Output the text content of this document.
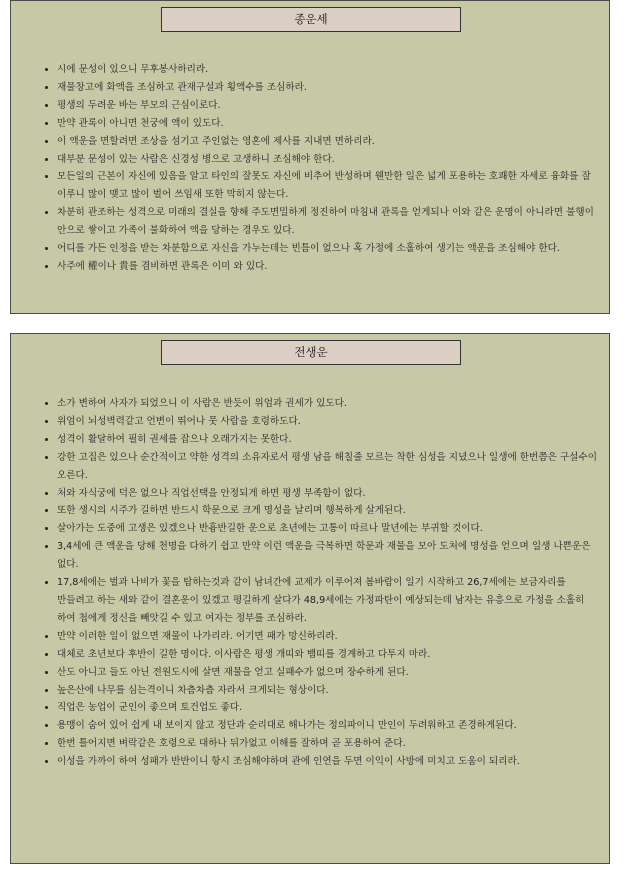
종운세
• 시에 문성이 있으니 무후봉사하리라.
• 재물창고에 화액을 조심하고 관재구설과 횡액수를 조심하라.
• 평생의 두려운 바는 부모의 근심이로다.
• 만약 관록이 아니면 천궁에 액이 있도다.
• 이 액운을 면할려면 조상을 섬기고 주인없는 영혼에 제사를 지내면 면하리라.
• 대부분 문성이 있는 사람은 신경성 병으로 고생하니 조심해야 한다.
• 모든일의 근본이 자신에 있음을 알고 타인의 잘못도 자신에 비추어 반성하며 웬만한 일은 넓게 포용하는 호쾌한 자세로 융화를 잘 이루니 많이 맺고 많이 벌어 쓰임새 또한 막히지 않는다.
• 차분히 관조하는 성격으로 미래의 결실을 향해 주도면밀하게 정진하여 마침내 관록을 얻게되나 이와 같은 운명이 아니라면 불행이 안으로 쌓이고 가족이 불화하여 액을 당하는 경우도 있다.
• 어디를 가든 인정을 받는 차분함으로 자신을 가누는데는 빈틈이 없으나 혹 가정에 소홀하여 생기는 액운을 조심해야 한다.
• 사주에 權이나 貴를 겸비하면 관록은 이미 와 있다.
전생운
• 소가 변하여 사자가 되었으니 이 사람은 반듯이 위엄과 권세가 있도다.
• 위엄이 뇌성벽력같고 언변이 뛰어나 뭇 사람을 호령하도다.
• 성격이 활달하여 필히 권세를 잡으나 오래가지는 못한다.
• 강한 고집은 있으나 순간적이고 약한 성격의 소유자로서 평생 남을 해칠줄 모르는 착한 심성을 지녔으나 일생에 한번쯤은 구설수이 오른다.
• 처와 자식궁에 덕은 없으나 직업선택을 안정되게 하면 평생 부족함이 없다.
• 또한 생시의 시주가 길하면 반드시 학문으로 크게 명성을 날리며 행복하게 살게된다.
• 살아가는 도중에 고생은 있겠으나 반흉반길한 운으로 초년에는 고통이 따르나 말년에는 부귀할 것이다.
• 3,4세에 큰 액운을 당해 천명을 다하기 쉽고 만약 이런 액운을 극복하면 학문과 재물을 모아 도처에 명성을 얻으며 일생 나쁜운은 없다.
• 17,8세에는 벌과 나비가 꽃을 탐하는것과 같이 남녀간에 교제가 이루어져 봄바람이 일기 시작하고 26,7세에는 보금자리를 만들려고 하는 새와 같이 결혼운이 있겠고 평길하게 살다가 48,9세에는 가정파탄이 예상되는데 남자는 유흥으로 가정을 소홀히 하여 첩에게 정신을 빼앗길 수 있고 여자는 정부를 조심하라.
• 만약 이러한 일이 없으면 재물이 나가리라. 어기면 패가 망신하리라.
• 대체로 초년보다 후반이 길한 명이다. 이사람은 평생 개띠와 뱀띠를 경계하고 다투지 마라.
• 산도 아니고 들도 아닌 전원도시에 살면 재물을 얻고 실패수가 없으며 장수하게 된다.
• 높은산에 나무를 심는격이니 차츰차츰 자라서 크게되는 형상이다.
• 직업은 농업이 군인이 좋으며 토건업도 좋다.
• 용맹이 숨어 있어 쉽게 내 보이지 않고 정단과 순리대로 해나가는 정의파이니 만인이 두려워하고 존경하게된다.
• 한번 틀어지면 벼락같은 호령으로 대하나 뒤가없고 이해를 잘하며 곧 포용하여 준다.
• 이성을 가까이 하여 성패가 반반이니 항시 조심해야하며 관에 인연을 두면 이익이 사방에 미치고 도움이 되리라.
